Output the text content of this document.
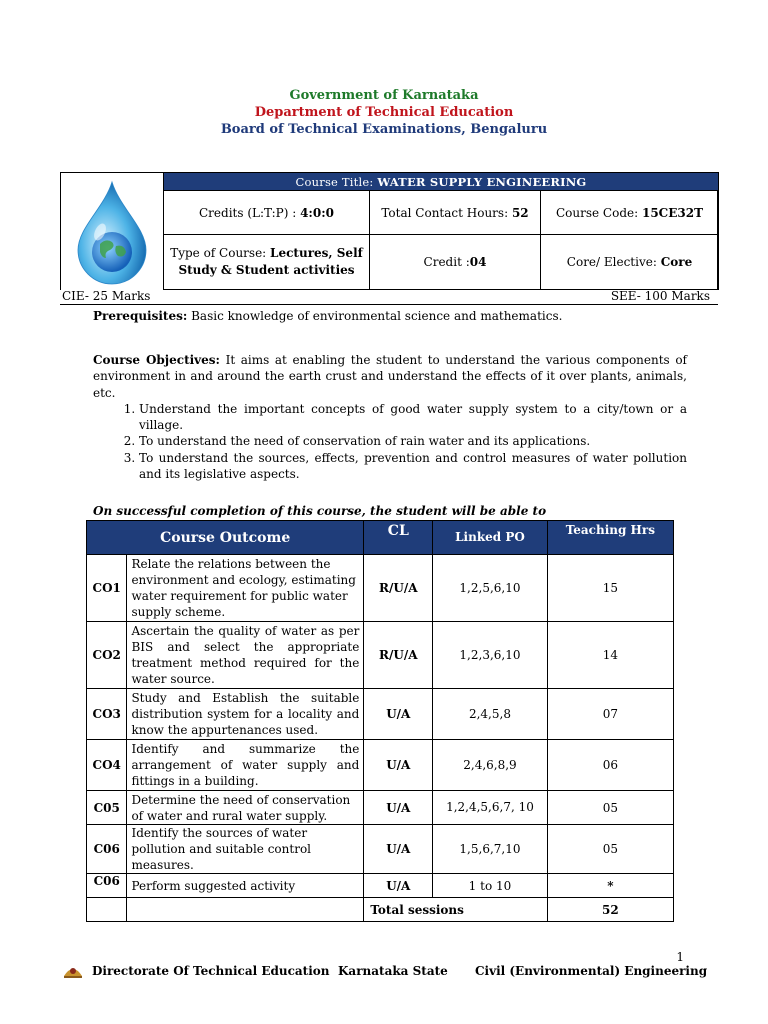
Government of Karnataka
Department of Technical Education
Board of Technical Examinations, Bengaluru
Course Title: WATER SUPPLY ENGINEERING		
Credits (L:T:P) : 4:0:0	Total Contact Hours: 52	Course Code: 15CE32T
Type of Course: Lectures, Self Study & Student activities	Credit :04	Core/ Elective: Core
CIE- 25 Marks	SEE- 100 Marks
Prerequisites: Basic knowledge of environmental science and mathematics.
Course Objectives: It aims at enabling the student to understand the various components of environment in and around the earth crust and understand the effects of it over plants, animals, etc.
1. Understand the important concepts of good water supply system to a city/town or a village.
2. To understand the need of conservation of rain water and its applications.
3. To understand the sources, effects, prevention and control measures of water pollution and its legislative aspects.
On successful completion of this course, the student will be able to
Course Outcome		CL	Linked PO	Teaching Hrs
CO1	Relate the relations between the environment and ecology, estimating water requirement for public water supply scheme.	R/U/A	1,2,5,6,10	15
CO2	Ascertain the quality of water as per BIS and select the appropriate treatment method required for the water source.	R/U/A	1,2,3,6,10	14
CO3	Study and Establish the suitable distribution system for a locality and know the appurtenances used.	U/A	2,4,5,8	07
CO4	Identify and summarize the arrangement of water supply and fittings in a building.	U/A	2,4,6,8,9	06
C05	Determine the need of conservation of water and rural water supply.	U/A	1,2,4,5,6,7, 10	05
C06	Identify the sources of water pollution and suitable control measures.	U/A	1,5,6,7,10	05
C06	Perform suggested activity	U/A	1 to 10	*
		Total sessions		52
1
Directorate Of Technical Education Karnataka State Civil (Environmental) Engineering
